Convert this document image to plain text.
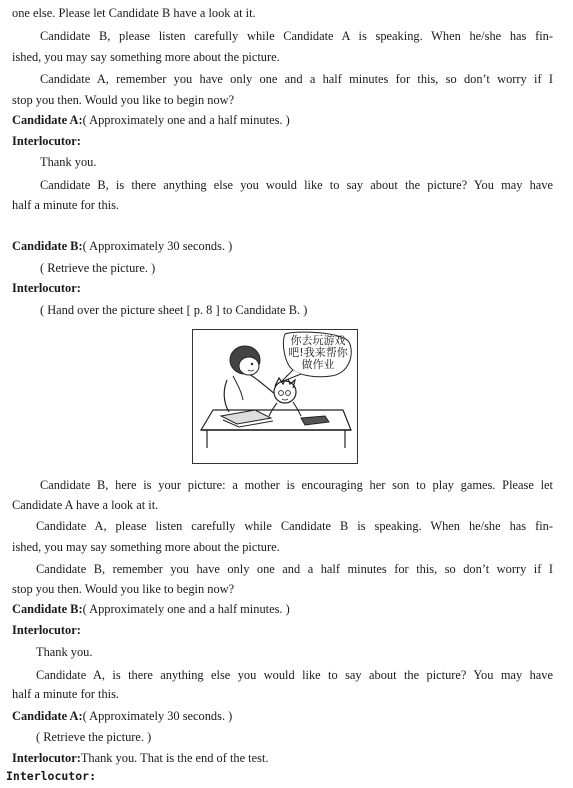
one else. Please let Candidate B have a look at it.
Candidate B, please listen carefully while Candidate A is speaking. When he/she has fin-
ished, you may say something more about the picture.
Candidate A, remember you have only one and a half minutes for this, so don’t worry if I
stop you then. Would you like to begin now?
Candidate A:( Approximately one and a half minutes. )
Interlocutor:
Thank you.
Candidate B, is there anything else you would like to say about the picture? You may have
half a minute for this.
Candidate B:( Approximately 30 seconds. )
( Retrieve the picture. )
Interlocutor:
( Hand over the picture sheet [ p. 8 ] to Candidate B. )
你去玩游戏
吧!我来帮你
做作业
Candidate B, here is your picture: a mother is encouraging her son to play games. Please let
Candidate A have a look at it.
Candidate A, please listen carefully while Candidate B is speaking. When he/she has fin-
ished, you may say something more about the picture.
Candidate B, remember you have only one and a half minutes for this, so don’t worry if I
stop you then. Would you like to begin now?
Candidate B:( Approximately one and a half minutes. )
Interlocutor:
Thank you.
Candidate A, is there anything else you would like to say about the picture? You may have
half a minute for this.
Candidate A:( Approximately 30 seconds. )
( Retrieve the picture. )
Interlocutor:Thank you. That is the end of the test.
Interlocutor:
